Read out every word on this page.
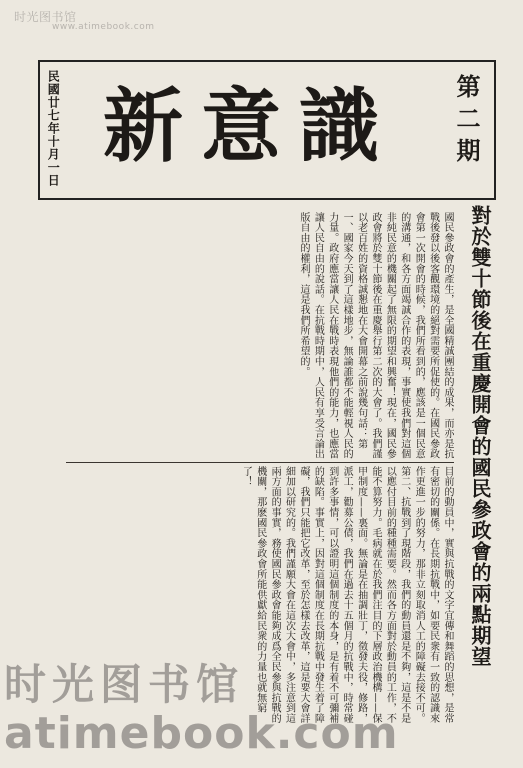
时光图书馆
www.atimebook.com
第二期
新意識
民國廿七年十月一日
對於雙十節後在重慶開會的國民參政會的兩點期望
國民參政會的產生，是全國精誠團結的成果，而亦是抗戰後發以後客觀環境的絕對需要所促使的。在國民參政會第一次開會的時候，我們所看到的，應該是一個民意的溝通，和各方面竭誠合作的表現，事實使我們對這個非純民意的機關起了無限的期望和興奮！現在，國民參政會將於雙十節後在重慶舉行第二次的大會了。我們謹以老百姓的資格誠懇地在大會開幕之前說幾句話：第一、國家今天到了這樣地步，無論誰都不能輕視人民的力量。政府應當讓人民在戰時表現他們的能力，也應當讓人民自由的說話。在抗戰時期中，人民有享受言論出版自由的權利，這是我們所希望的。
目前的動員中，實與抗戰的文字宜傳和舞蹈的思想，是常有密切的關係。在長期抗戰中，如要民衆有一致的認識來作更進一步的努力，那非立刻取消人工的障礙去接不可。第二、抗戰到了現階段，我們的動員還是不夠，這是不是以應付目前的種種需要。然而各方面對於動員的工作，不能不算努力。毛病就在於我們注目的下層政治機構——保甲制度——裏面。無論是在抽調壯丁，徵發夫役，修路，派工，勸募公債，我們在過去十五個月的抗戰中，時常碰到許多事情，可以證明這個制度的本身，是有着不可彌補的缺陷。事實上，因對這個制度在長期抗戰中發生着了障礙，我們只能把它改革，至於怎樣去改革，這是要大會詳細加以研究的。我們謹願大會在這次大會中，多注意到這兩方面的事實，務使國民參政會能夠成爲全民參與抗戰的機關，那麽國民參政會所能供獻給民衆的力量也就無窮了！
时光图书馆
atimebook.com
